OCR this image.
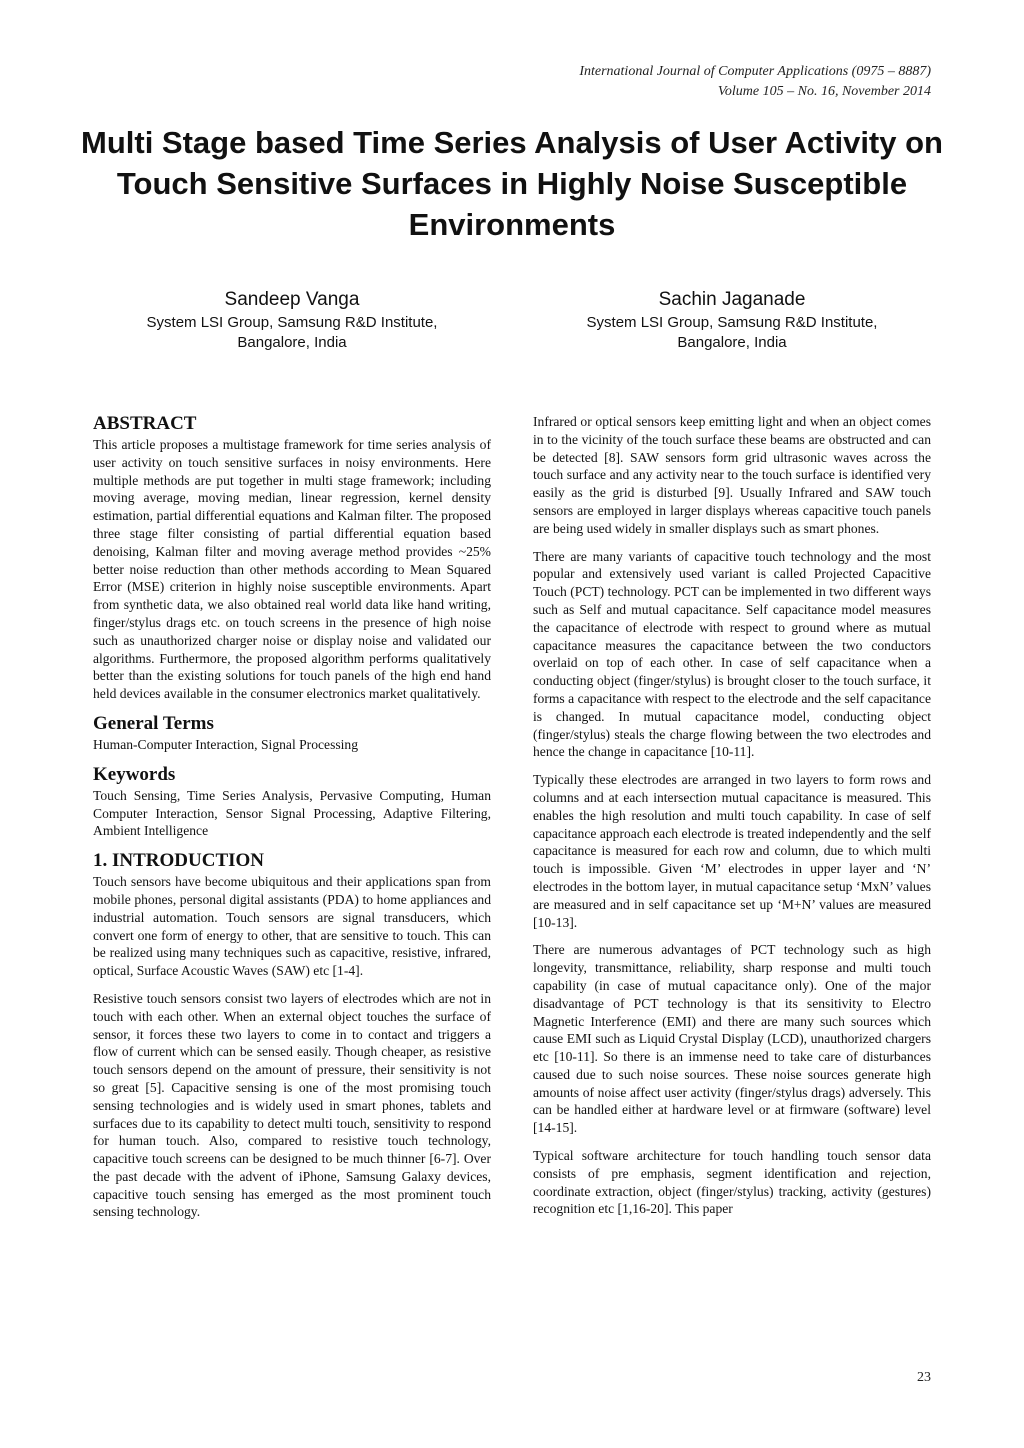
International Journal of Computer Applications (0975 – 8887)
Volume 105 – No. 16, November 2014
Multi Stage based Time Series Analysis of User Activity on Touch Sensitive Surfaces in Highly Noise Susceptible Environments
Sandeep Vanga
System LSI Group, Samsung R&D Institute,
Bangalore, India
Sachin Jaganade
System LSI Group, Samsung R&D Institute,
Bangalore, India
ABSTRACT

This article proposes a multistage framework for time series analysis of user activity on touch sensitive surfaces in noisy environments. Here multiple methods are put together in multi stage framework; including moving average, moving median, linear regression, kernel density estimation, partial differential equations and Kalman filter. The proposed three stage filter consisting of partial differential equation based denoising, Kalman filter and moving average method provides ~25% better noise reduction than other methods according to Mean Squared Error (MSE) criterion in highly noise susceptible environments. Apart from synthetic data, we also obtained real world data like hand writing, finger/stylus drags etc. on touch screens in the presence of high noise such as unauthorized charger noise or display noise and validated our algorithms. Furthermore, the proposed algorithm performs qualitatively better than the existing solutions for touch panels of the high end hand held devices available in the consumer electronics market qualitatively.

General Terms

Human-Computer Interaction, Signal Processing

Keywords

Touch Sensing, Time Series Analysis, Pervasive Computing, Human Computer Interaction, Sensor Signal Processing, Adaptive Filtering, Ambient Intelligence

1. INTRODUCTION

Touch sensors have become ubiquitous and their applications span from mobile phones, personal digital assistants (PDA) to home appliances and industrial automation. Touch sensors are signal transducers, which convert one form of energy to other, that are sensitive to touch. This can be realized using many techniques such as capacitive, resistive, infrared, optical, Surface Acoustic Waves (SAW) etc [1-4].

Resistive touch sensors consist two layers of electrodes which are not in touch with each other. When an external object touches the surface of sensor, it forces these two layers to come in to contact and triggers a flow of current which can be sensed easily. Though cheaper, as resistive touch sensors depend on the amount of pressure, their sensitivity is not so great [5]. Capacitive sensing is one of the most promising touch sensing technologies and is widely used in smart phones, tablets and surfaces due to its capability to detect multi touch, sensitivity to respond for human touch. Also, compared to resistive touch technology, capacitive touch screens can be designed to be much thinner [6-7]. Over the past decade with the advent of iPhone, Samsung Galaxy devices, capacitive touch sensing has emerged as the most prominent touch sensing technology.

Infrared or optical sensors keep emitting light and when an object comes in to the vicinity of the touch surface these beams are obstructed and can be detected [8]. SAW sensors form grid ultrasonic waves across the touch surface and any activity near to the touch surface is identified very easily as the grid is disturbed [9]. Usually Infrared and SAW touch sensors are employed in larger displays whereas capacitive touch panels are being used widely in smaller displays such as smart phones.

There are many variants of capacitive touch technology and the most popular and extensively used variant is called Projected Capacitive Touch (PCT) technology. PCT can be implemented in two different ways such as Self and mutual capacitance. Self capacitance model measures the capacitance of electrode with respect to ground where as mutual capacitance measures the capacitance between the two conductors overlaid on top of each other. In case of self capacitance when a conducting object (finger/stylus) is brought closer to the touch surface, it forms a capacitance with respect to the electrode and the self capacitance is changed. In mutual capacitance model, conducting object (finger/stylus) steals the charge flowing between the two electrodes and hence the change in capacitance [10-11].

Typically these electrodes are arranged in two layers to form rows and columns and at each intersection mutual capacitance is measured. This enables the high resolution and multi touch capability. In case of self capacitance approach each electrode is treated independently and the self capacitance is measured for each row and column, due to which multi touch is impossible. Given ‘M’ electrodes in upper layer and ‘N’ electrodes in the bottom layer, in mutual capacitance setup ‘MxN’ values are measured and in self capacitance set up ‘M+N’ values are measured [10-13].

There are numerous advantages of PCT technology such as high longevity, transmittance, reliability, sharp response and multi touch capability (in case of mutual capacitance only). One of the major disadvantage of PCT technology is that its sensitivity to Electro Magnetic Interference (EMI) and there are many such sources which cause EMI such as Liquid Crystal Display (LCD), unauthorized chargers etc [10-11]. So there is an immense need to take care of disturbances caused due to such noise sources. These noise sources generate high amounts of noise affect user activity (finger/stylus drags) adversely. This can be handled either at hardware level or at firmware (software) level [14-15].

Typical software architecture for touch handling touch sensor data consists of pre emphasis, segment identification and rejection, coordinate extraction, object (finger/stylus) tracking, activity (gestures) recognition etc [1,16-20]. This paper

23
